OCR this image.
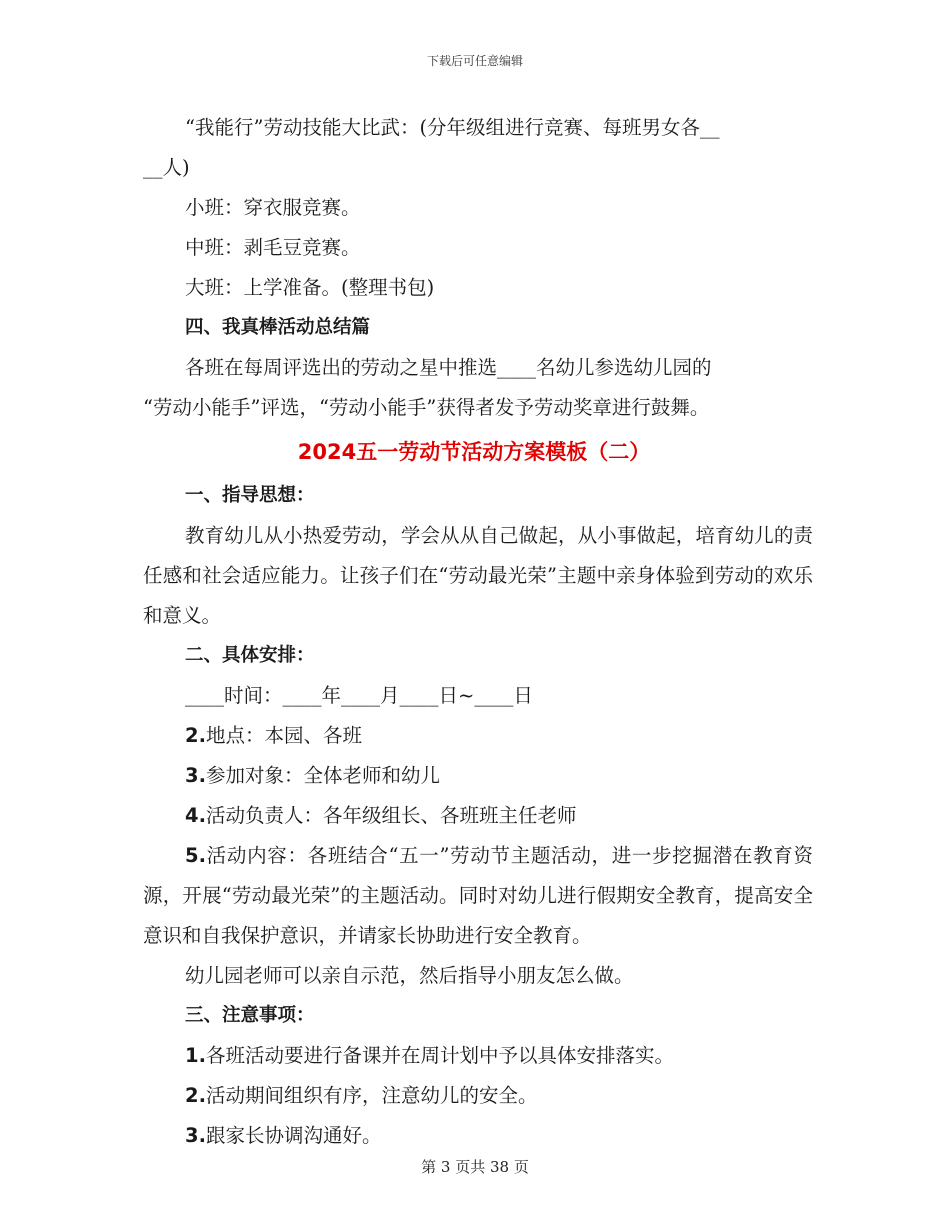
下载后可任意编辑
“我能行”劳动技能大比武：(分年级组进行竞赛、每班男女各__
__人)
小班：穿衣服竞赛。
中班：剥毛豆竞赛。
大班：上学准备。(整理书包)
四、我真棒活动总结篇
各班在每周评选出的劳动之星中推选____名幼儿参选幼儿园的
“劳动小能手”评选，“劳动小能手”获得者发予劳动奖章进行鼓舞。
2024五一劳动节活动方案模板（二）
一、指导思想：
教育幼儿从小热爱劳动，学会从从自己做起，从小事做起，培育幼儿的责任感和社会适应能力。让孩子们在“劳动最光荣”主题中亲身体验到劳动的欢乐和意义。
二、具体安排：
____时间：____年____月____日~____日
2.地点：本园、各班
3.参加对象：全体老师和幼儿
4.活动负责人：各年级组长、各班班主任老师
5.活动内容：各班结合“五一”劳动节主题活动，进一步挖掘潜在教育资源，开展“劳动最光荣”的主题活动。同时对幼儿进行假期安全教育，提高安全意识和自我保护意识，并请家长协助进行安全教育。
幼儿园老师可以亲自示范，然后指导小朋友怎么做。
三、注意事项：
1.各班活动要进行备课并在周计划中予以具体安排落实。
2.活动期间组织有序，注意幼儿的安全。
3.跟家长协调沟通好。
第 3 页共 38 页
